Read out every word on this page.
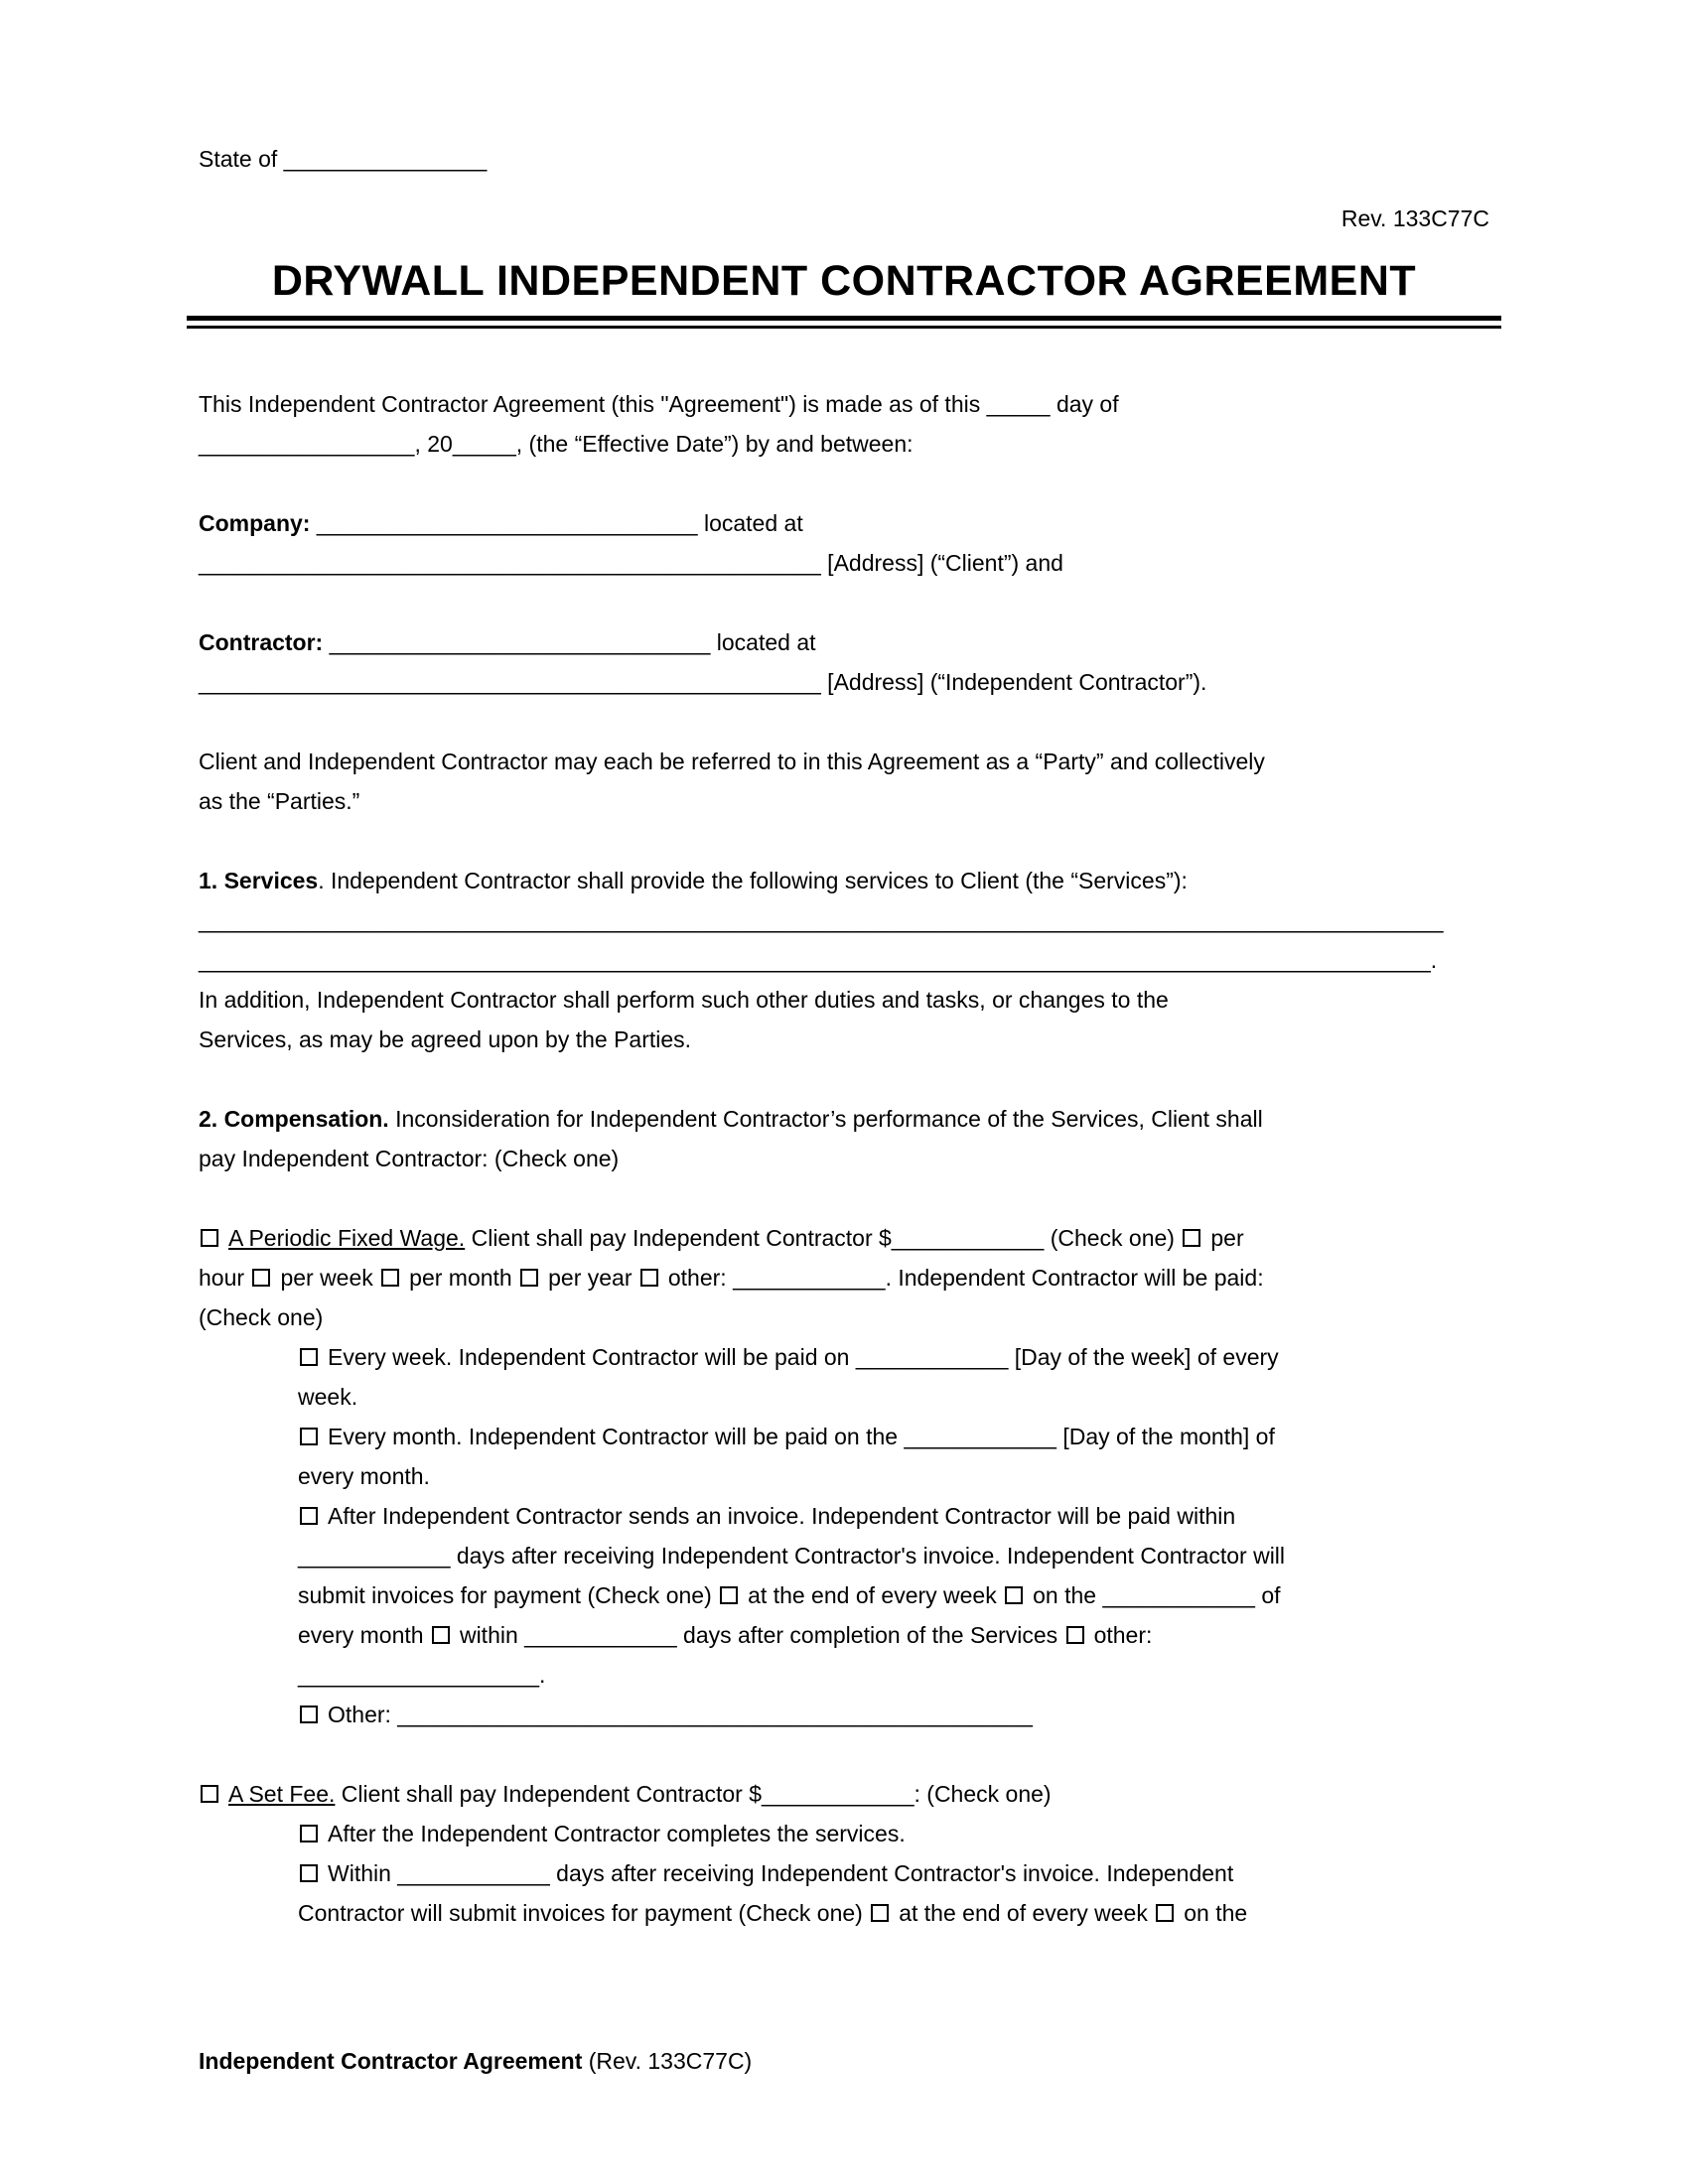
State of ________________

Rev. 133C77C
DRYWALL INDEPENDENT CONTRACTOR AGREEMENT

This Independent Contractor Agreement (this "Agreement") is made as of this _____ day of
_________________, 20_____, (the “Effective Date”) by and between:

Company: ______________________________ located at
_________________________________________________ [Address] (“Client”) and

Contractor: ______________________________ located at
_________________________________________________ [Address] (“Independent Contractor”).

Client and Independent Contractor may each be referred to in this Agreement as a “Party” and collectively
as the “Parties.”

1. Services. Independent Contractor shall provide the following services to Client (the “Services”):
__________________________________________________________________________________________________
_________________________________________________________________________________________________.
In addition, Independent Contractor shall perform such other duties and tasks, or changes to the
Services, as may be agreed upon by the Parties.

2. Compensation. Inconsideration for Independent Contractor’s performance of the Services, Client shall
pay Independent Contractor: (Check one)

A Periodic Fixed Wage. Client shall pay Independent Contractor $____________ (Check one) per
hour per week per month per year other: ____________. Independent Contractor will be paid:
(Check one)

Every week. Independent Contractor will be paid on ____________ [Day of the week] of every
week.
Every month. Independent Contractor will be paid on the ____________ [Day of the month] of
every month.
After Independent Contractor sends an invoice. Independent Contractor will be paid within
____________ days after receiving Independent Contractor's invoice. Independent Contractor will
submit invoices for payment (Check one) at the end of every week on the ____________ of
every month within ____________ days after completion of the Services other:
___________________.
Other: __________________________________________________

A Set Fee. Client shall pay Independent Contractor $____________: (Check one)

After the Independent Contractor completes the services.
Within ____________ days after receiving Independent Contractor's invoice. Independent
Contractor will submit invoices for payment (Check one) at the end of every week on the
Independent Contractor Agreement (Rev. 133C77C)
